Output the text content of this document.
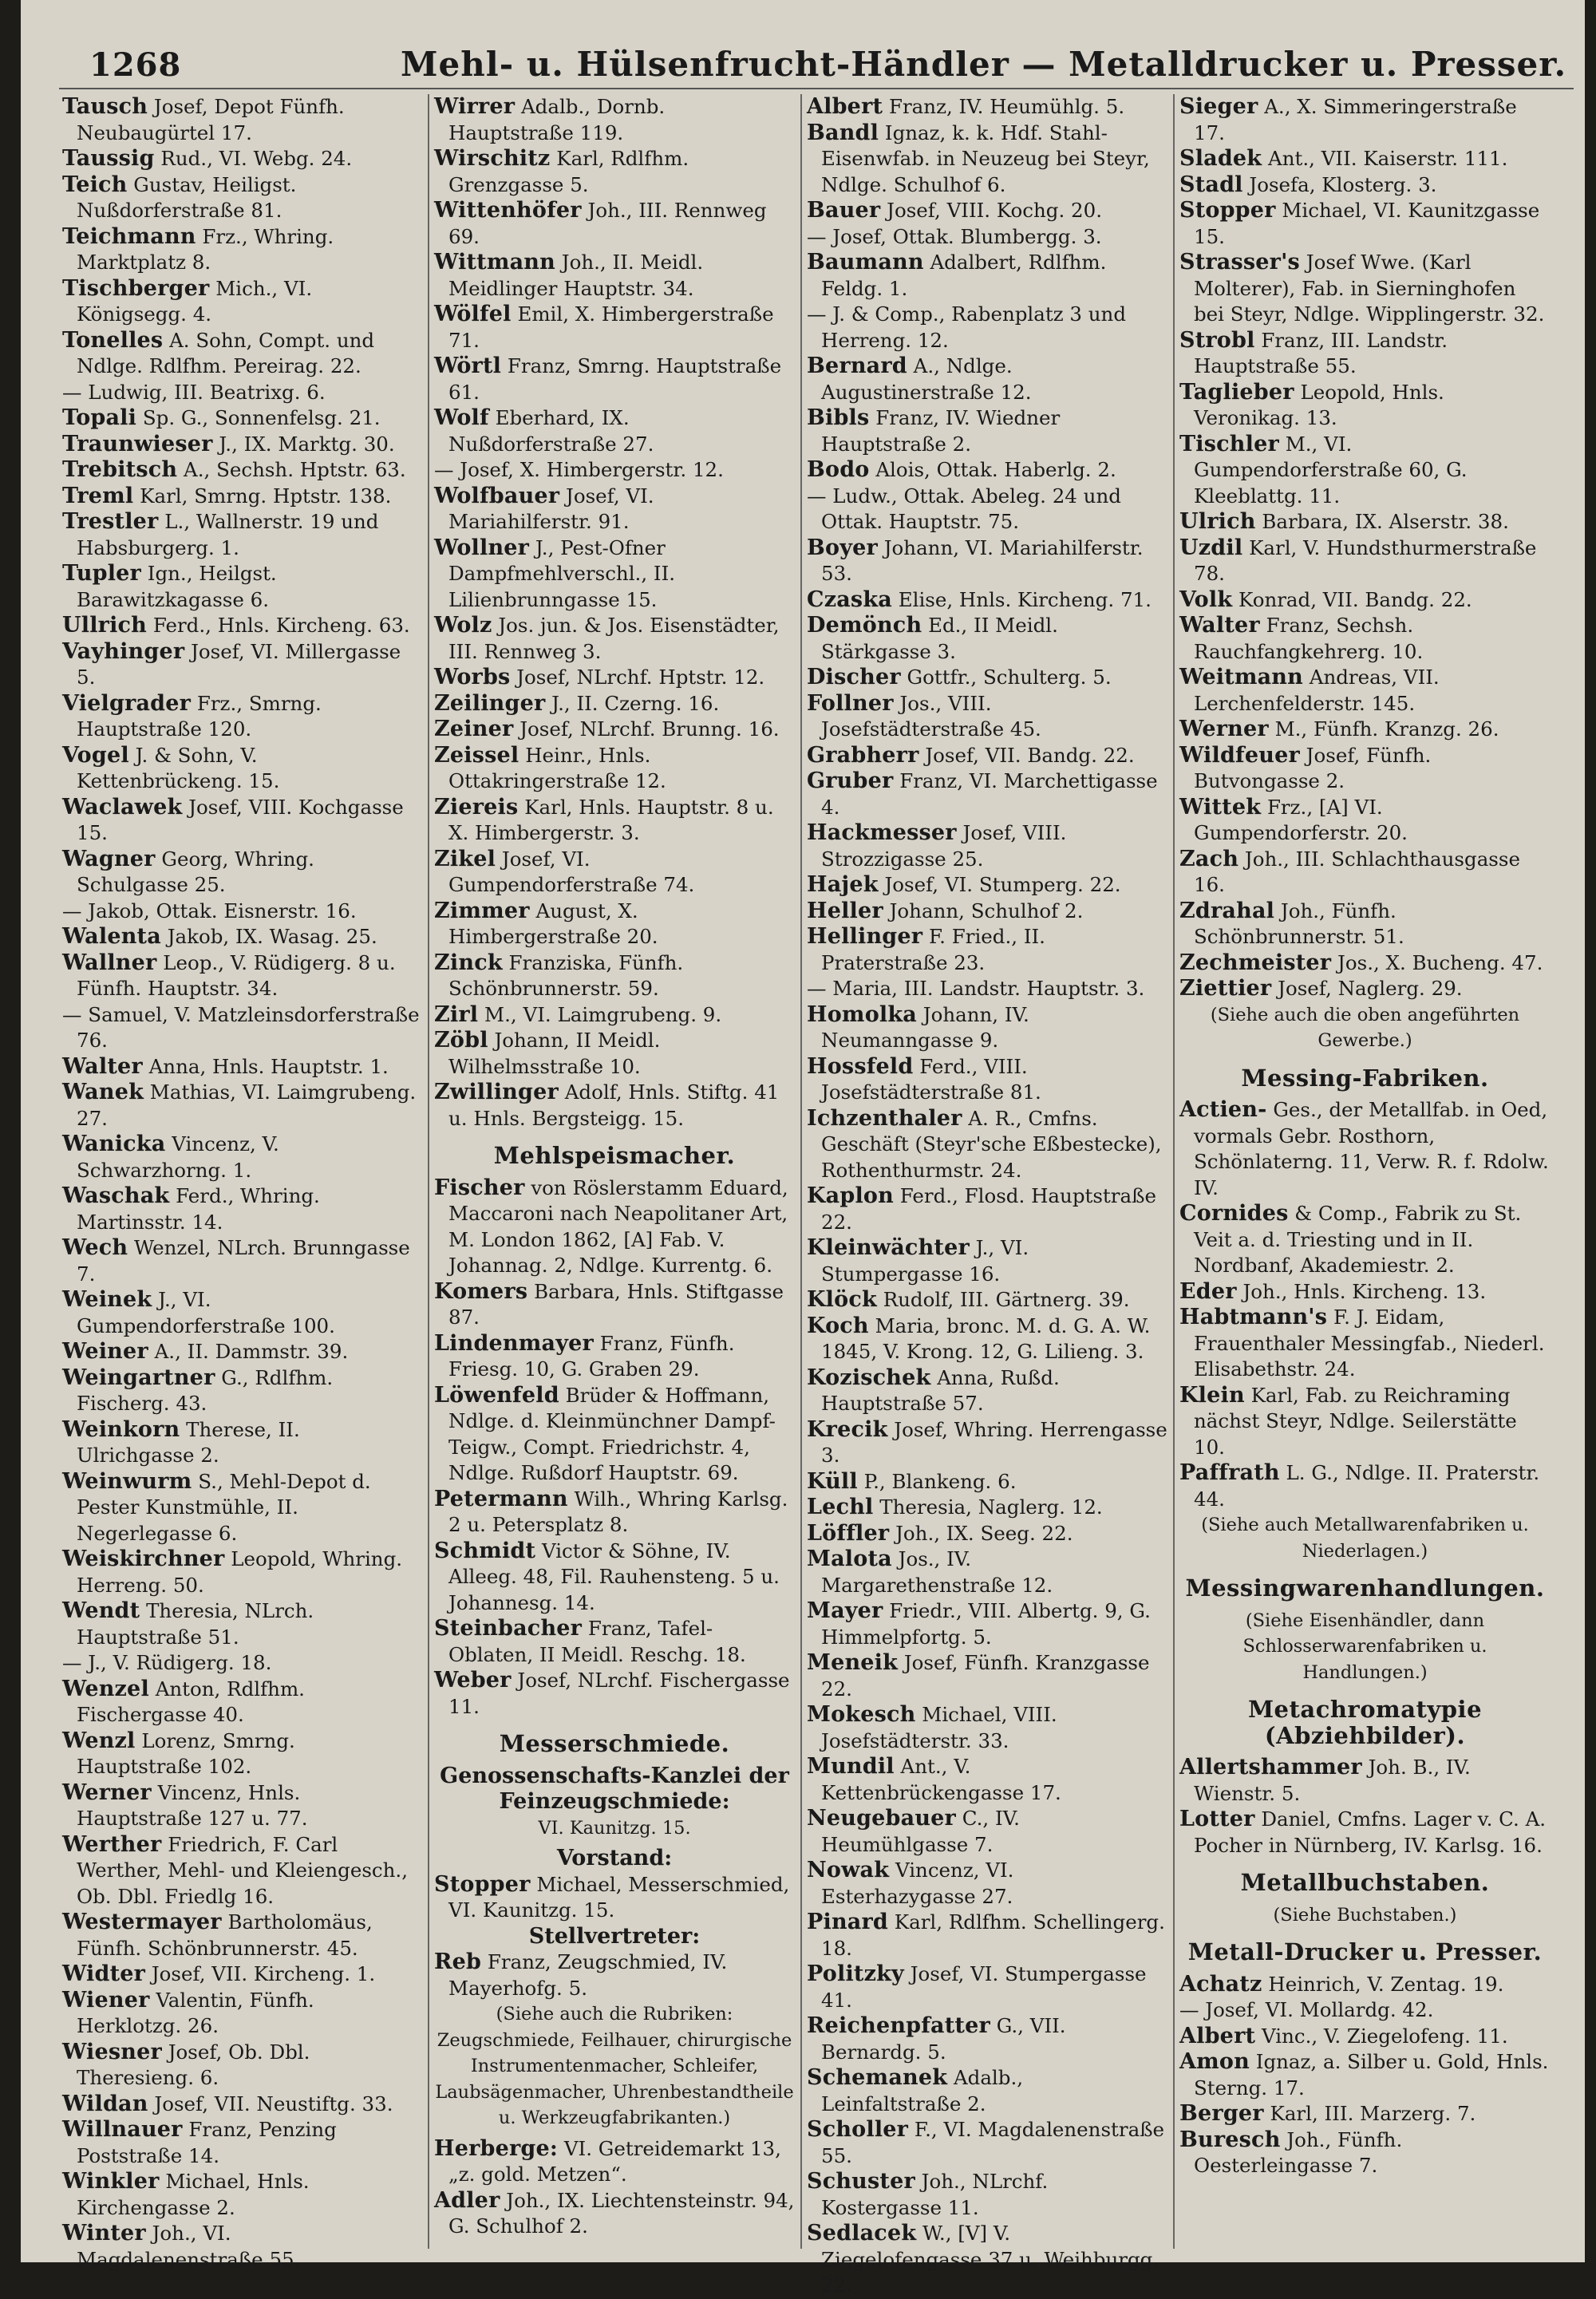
1268	Mehl- u. Hülsenfrucht-Händler — Metalldrucker u. Presser.

Tausch Josef, Depot Fünfh. Neubaugürtel 17.

Taussig Rud., VI. Webg. 24.

Teich Gustav, Heiligst. Nußdorferstraße 81.

Teichmann Frz., Whring. Marktplatz 8.

Tischberger Mich., VI. Königsegg. 4.

Tonelles A. Sohn, Compt. und Ndlge. Rdlfhm. Pereirag. 22.

— Ludwig, III. Beatrixg. 6.

Topali Sp. G., Sonnenfelsg. 21.

Traunwieser J., IX. Marktg. 30.

Trebitsch A., Sechsh. Hptstr. 63.

Treml Karl, Smrng. Hptstr. 138.

Trestler L., Wallnerstr. 19 und Habsburgerg. 1.

Tupler Ign., Heilgst. Barawitzkagasse 6.

Ullrich Ferd., Hnls. Kircheng. 63.

Vayhinger Josef, VI. Millergasse 5.

Vielgrader Frz., Smrng. Hauptstraße 120.

Vogel J. & Sohn, V. Kettenbrückeng. 15.

Waclawek Josef, VIII. Kochgasse 15.

Wagner Georg, Whring. Schulgasse 25.

— Jakob, Ottak. Eisnerstr. 16.

Walenta Jakob, IX. Wasag. 25.

Wallner Leop., V. Rüdigerg. 8 u. Fünfh. Hauptstr. 34.

— Samuel, V. Matzleinsdorferstraße 76.

Walter Anna, Hnls. Hauptstr. 1.

Wanek Mathias, VI. Laimgrubeng. 27.

Wanicka Vincenz, V. Schwarzhorng. 1.

Waschak Ferd., Whring. Martinsstr. 14.

Wech Wenzel, NLrch. Brunngasse 7.

Weinek J., VI. Gumpendorferstraße 100.

Weiner A., II. Dammstr. 39.

Weingartner G., Rdlfhm. Fischerg. 43.

Weinkorn Therese, II. Ulrichgasse 2.

Weinwurm S., Mehl-Depot d. Pester Kunstmühle, II. Negerlegasse 6.

Weiskirchner Leopold, Whring. Herreng. 50.

Wendt Theresia, NLrch. Hauptstraße 51.

— J., V. Rüdigerg. 18.

Wenzel Anton, Rdlfhm. Fischergasse 40.

Wenzl Lorenz, Smrng. Hauptstraße 102.

Werner Vincenz, Hnls. Hauptstraße 127 u. 77.

Werther Friedrich, F. Carl Werther, Mehl- und Kleiengesch., Ob. Dbl. Friedlg 16.

Westermayer Bartholomäus, Fünfh. Schönbrunnerstr. 45.

Widter Josef, VII. Kircheng. 1.

Wiener Valentin, Fünfh. Herklotzg. 26.

Wiesner Josef, Ob. Dbl. Theresieng. 6.

Wildan Josef, VII. Neustiftg. 33.

Willnauer Franz, Penzing Poststraße 14.

Winkler Michael, Hnls. Kirchengasse 2.

Winter Joh., VI. Magdalenenstraße 55.

Wirrer Adalb., Dornb. Hauptstraße 119.

Wirschitz Karl, Rdlfhm. Grenzgasse 5.

Wittenhöfer Joh., III. Rennweg 69.

Wittmann Joh., II. Meidl. Meidlinger Hauptstr. 34.

Wölfel Emil, X. Himbergerstraße 71.

Wörtl Franz, Smrng. Hauptstraße 61.

Wolf Eberhard, IX. Nußdorferstraße 27.

— Josef, X. Himbergerstr. 12.

Wolfbauer Josef, VI. Mariahilferstr. 91.

Wollner J., Pest-Ofner Dampfmehlverschl., II. Lilienbrunngasse 15.

Wolz Jos. jun. & Jos. Eisenstädter, III. Rennweg 3.

Worbs Josef, NLrchf. Hptstr. 12.

Zeilinger J., II. Czerng. 16.

Zeiner Josef, NLrchf. Brunng. 16.

Zeissel Heinr., Hnls. Ottakringerstraße 12.

Ziereis Karl, Hnls. Hauptstr. 8 u. X. Himbergerstr. 3.

Zikel Josef, VI. Gumpendorferstraße 74.

Zimmer August, X. Himbergerstraße 20.

Zinck Franziska, Fünfh. Schönbrunnerstr. 59.

Zirl M., VI. Laimgrubeng. 9.

Zöbl Johann, II Meidl. Wilhelmsstraße 10.

Zwillinger Adolf, Hnls. Stiftg. 41 u. Hnls. Bergsteigg. 15.

Mehlspeismacher.

Fischer von Röslerstamm Eduard, Maccaroni nach Neapolitaner Art, M. London 1862, [A] Fab. V. Johannag. 2, Ndlge. Kurrentg. 6.

Komers Barbara, Hnls. Stiftgasse 87.

Lindenmayer Franz, Fünfh. Friesg. 10, G. Graben 29.

Löwenfeld Brüder & Hoffmann, Ndlge. d. Kleinmünchner Dampf-Teigw., Compt. Friedrichstr. 4, Ndlge. Rußdorf Hauptstr. 69.

Petermann Wilh., Whring Karlsg. 2 u. Petersplatz 8.

Schmidt Victor & Söhne, IV. Alleeg. 48, Fil. Rauhensteng. 5 u. Johannesg. 14.

Steinbacher Franz, Tafel-Oblaten, II Meidl. Reschg. 18.

Weber Josef, NLrchf. Fischergasse 11.

Messerschmiede.
Genossenschafts-Kanzlei der Feinzeugschmiede:
VI. Kaunitzg. 15.
Vorstand:

Stopper Michael, Messerschmied, VI. Kaunitzg. 15.

Stellvertreter:

Reb Franz, Zeugschmied, IV. Mayerhofg. 5.

(Siehe auch die Rubriken: Zeugschmiede, Feilhauer, chirurgische Instrumentenmacher, Schleifer, Laubsägenmacher, Uhrenbestandtheile u. Werkzeugfabrikanten.)

Herberge: VI. Getreidemarkt 13, „z. gold. Metzen“.

Adler Joh., IX. Liechtensteinstr. 94, G. Schulhof 2.

Albert Franz, IV. Heumühlg. 5.

Bandl Ignaz, k. k. Hdf. Stahl-Eisenwfab. in Neuzeug bei Steyr, Ndlge. Schulhof 6.

Bauer Josef, VIII. Kochg. 20.

— Josef, Ottak. Blumbergg. 3.

Baumann Adalbert, Rdlfhm. Feldg. 1.

— J. & Comp., Rabenplatz 3 und Herreng. 12.

Bernard A., Ndlge. Augustinerstraße 12.

Bibls Franz, IV. Wiedner Hauptstraße 2.

Bodo Alois, Ottak. Haberlg. 2.

— Ludw., Ottak. Abeleg. 24 und Ottak. Hauptstr. 75.

Boyer Johann, VI. Mariahilferstr. 53.

Czaska Elise, Hnls. Kircheng. 71.

Demönch Ed., II Meidl. Stärkgasse 3.

Discher Gottfr., Schulterg. 5.

Follner Jos., VIII. Josefstädterstraße 45.

Grabherr Josef, VII. Bandg. 22.

Gruber Franz, VI. Marchettigasse 4.

Hackmesser Josef, VIII. Strozzigasse 25.

Hajek Josef, VI. Stumperg. 22.

Heller Johann, Schulhof 2.

Hellinger F. Fried., II. Praterstraße 23.

— Maria, III. Landstr. Hauptstr. 3.

Homolka Johann, IV. Neumanngasse 9.

Hossfeld Ferd., VIII. Josefstädterstraße 81.

Ichzenthaler A. R., Cmfns. Geschäft (Steyr'sche Eßbestecke), Rothenthurmstr. 24.

Kaplon Ferd., Flosd. Hauptstraße 22.

Kleinwächter J., VI. Stumpergasse 16.

Klöck Rudolf, III. Gärtnerg. 39.

Koch Maria, bronc. M. d. G. A. W. 1845, V. Krong. 12, G. Lilieng. 3.

Kozischek Anna, Rußd. Hauptstraße 57.

Krecik Josef, Whring. Herrengasse 3.

Küll P., Blankeng. 6.

Lechl Theresia, Naglerg. 12.

Löffler Joh., IX. Seeg. 22.

Malota Jos., IV. Margarethenstraße 12.

Mayer Friedr., VIII. Albertg. 9, G. Himmelpfortg. 5.

Meneik Josef, Fünfh. Kranzgasse 22.

Mokesch Michael, VIII. Josefstädterstr. 33.

Mundil Ant., V. Kettenbrückengasse 17.

Neugebauer C., IV. Heumühlgasse 7.

Nowak Vincenz, VI. Esterhazygasse 27.

Pinard Karl, Rdlfhm. Schellingerg. 18.

Politzky Josef, VI. Stumpergasse 41.

Reichenpfatter G., VII. Bernardg. 5.

Schemanek Adalb., Leinfaltstraße 2.

Scholler F., VI. Magdalenenstraße 55.

Schuster Joh., NLrchf. Kostergasse 11.

Sedlacek W., [V] V. Ziegelofengasse 37 u. Weihburgg. 22.

Sieger A., X. Simmeringerstraße 17.

Sladek Ant., VII. Kaiserstr. 111.

Stadl Josefa, Klosterg. 3.

Stopper Michael, VI. Kaunitzgasse 15.

Strasser's Josef Wwe. (Karl Molterer), Fab. in Sierninghofen bei Steyr, Ndlge. Wipplingerstr. 32.

Strobl Franz, III. Landstr. Hauptstraße 55.

Taglieber Leopold, Hnls. Veronikag. 13.

Tischler M., VI. Gumpendorferstraße 60, G. Kleeblattg. 11.

Ulrich Barbara, IX. Alserstr. 38.

Uzdil Karl, V. Hundsthurmerstraße 78.

Volk Konrad, VII. Bandg. 22.

Walter Franz, Sechsh. Rauchfangkehrerg. 10.

Weitmann Andreas, VII. Lerchenfelderstr. 145.

Werner M., Fünfh. Kranzg. 26.

Wildfeuer Josef, Fünfh. Butvongasse 2.

Wittek Frz., [A] VI. Gumpendorferstr. 20.

Zach Joh., III. Schlachthausgasse 16.

Zdrahal Joh., Fünfh. Schönbrunnerstr. 51.

Zechmeister Jos., X. Bucheng. 47.

Ziettier Josef, Naglerg. 29.

(Siehe auch die oben angeführten Gewerbe.)
Messing-Fabriken.

Actien- Ges., der Metallfab. in Oed, vormals Gebr. Rosthorn, Schönlaterng. 11, Verw. R. f. Rdolw. IV.

Cornides & Comp., Fabrik zu St. Veit a. d. Triesting und in II. Nordbanf, Akademiestr. 2.

Eder Joh., Hnls. Kircheng. 13.

Habtmann's F. J. Eidam, Frauenthaler Messingfab., Niederl. Elisabethstr. 24.

Klein Karl, Fab. zu Reichraming nächst Steyr, Ndlge. Seilerstätte 10.

Paffrath L. G., Ndlge. II. Praterstr. 44.

(Siehe auch Metallwarenfabriken u. Niederlagen.)
Messingwarenhandlungen.
(Siehe Eisenhändler, dann Schlosserwarenfabriken u. Handlungen.)
Metachromatypie (Abziehbilder).

Allertshammer Joh. B., IV. Wienstr. 5.

Lotter Daniel, Cmfns. Lager v. C. A. Pocher in Nürnberg, IV. Karlsg. 16.

Metallbuchstaben.
(Siehe Buchstaben.)
Metall-Drucker u. Presser.

Achatz Heinrich, V. Zentag. 19.

— Josef, VI. Mollardg. 42.

Albert Vinc., V. Ziegelofeng. 11.

Amon Ignaz, a. Silber u. Gold, Hnls. Sterng. 17.

Berger Karl, III. Marzerg. 7.

Buresch Joh., Fünfh. Oesterleingasse 7.
